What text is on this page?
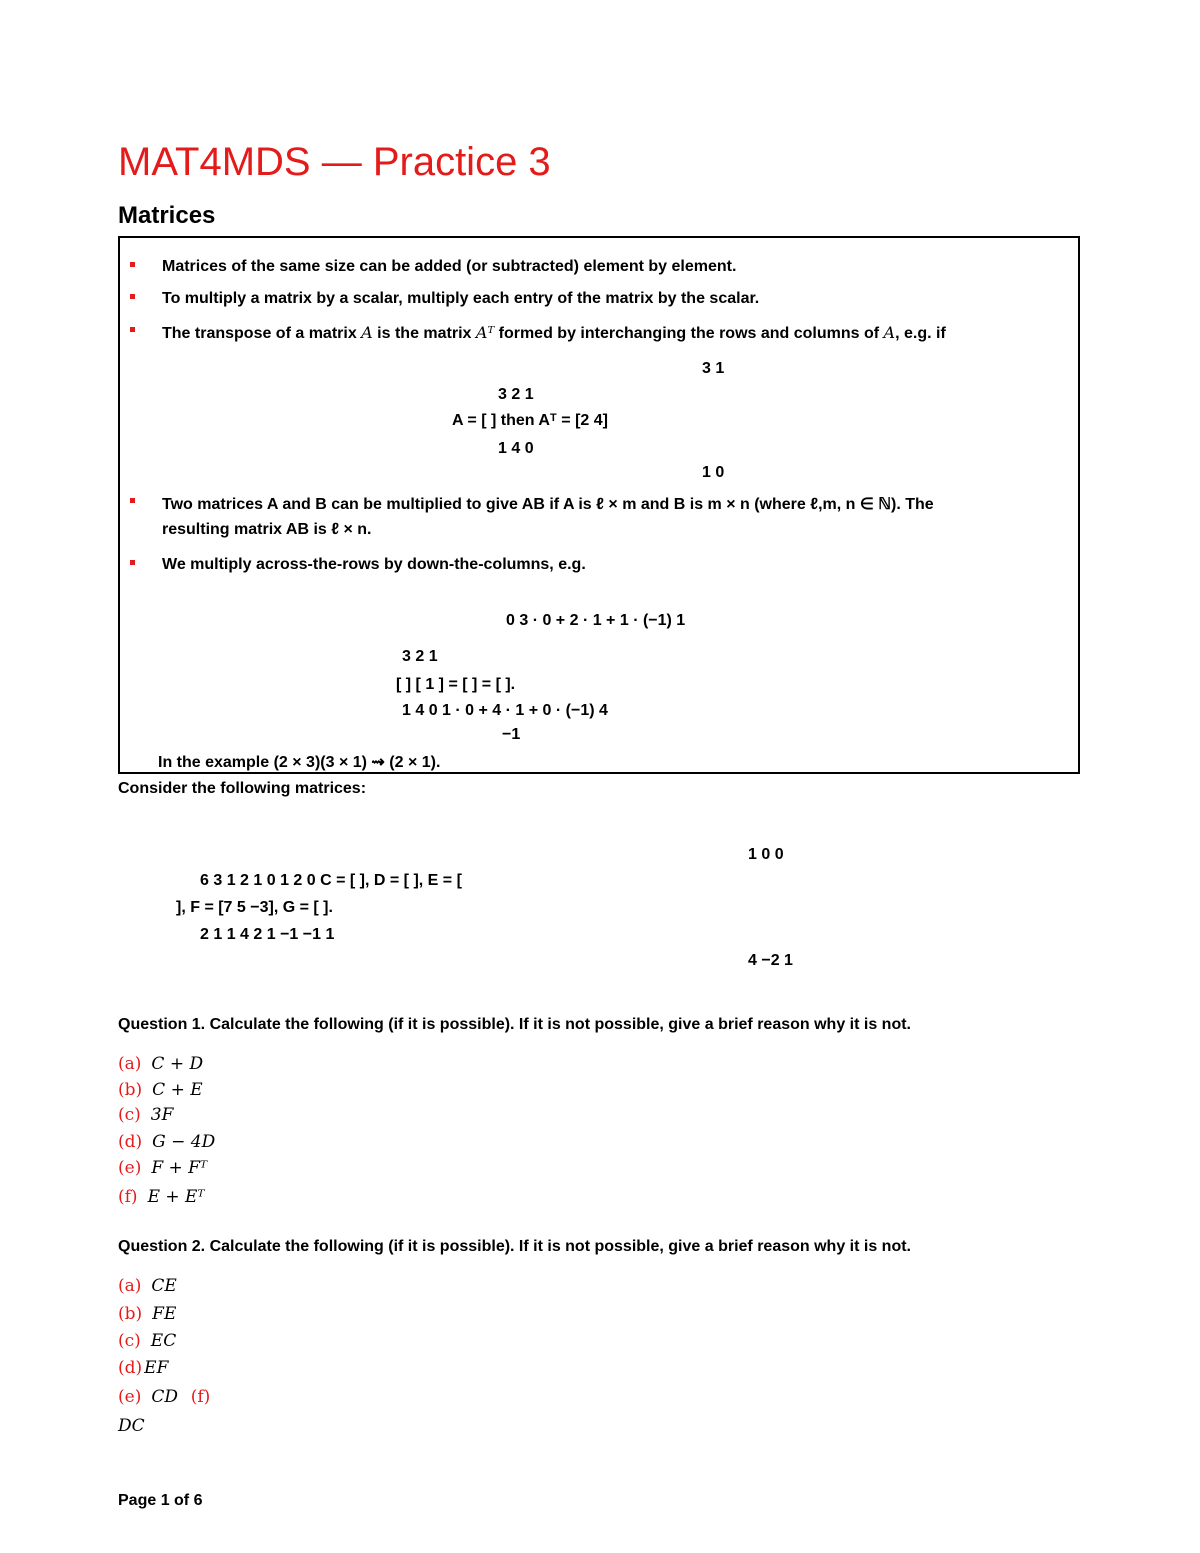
MAT4MDS — Practice 3
Matrices
Matrices of the same size can be added (or subtracted) element by element.
To multiply a matrix by a scalar, multiply each entry of the matrix by the scalar.
The transpose of a matrix A is the matrix Aᵀ formed by interchanging the rows and columns of A, e.g. if
3 1
3 2 1
A = [ ] then Aᵀ = [2 4]
1 4 0
1 0
Two matrices A and B can be multiplied to give AB if A is ℓ × m and B is m × n (where ℓ,m, n ∈ ℕ). The
resulting matrix AB is ℓ × n.
We multiply across-the-rows by down-the-columns, e.g.
0 3 · 0 + 2 · 1 + 1 · (−1) 1
3 2 1
[ ] [ 1 ] = [ ] = [ ].
1 4 0 1 · 0 + 4 · 1 + 0 · (−1) 4
−1
In the example (2 × 3)(3 × 1) ⇝ (2 × 1).
Consider the following matrices:
1 0 0
6 3 1 2 1 0 1 2 0 C = [ ], D = [ ], E = [
], F = [7 5 −3], G = [ ].
2 1 1 4 2 1 −1 −1 1
4 −2 1
Question 1. Calculate the following (if it is possible). If it is not possible, give a brief reason why it is not.
(a) C + D
(b) C + E
(c) 3F
(d) G − 4D
(e) F + Fᵀ
(f) E + Eᵀ
Question 2. Calculate the following (if it is possible). If it is not possible, give a brief reason why it is not.
(a) CE
(b) FE
(c) EC
(d) EF
(e) CD (f)
DC
Page 1 of 6
